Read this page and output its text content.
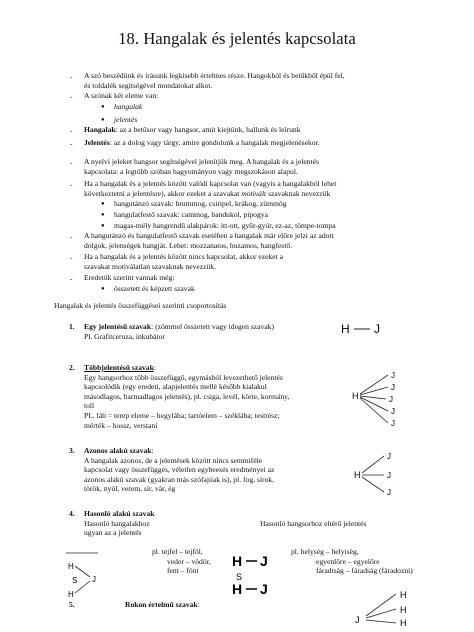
18. Hangalak és jelentés kapcsolata
- A szó beszédünk és írásunk legkisebb értelmes része. Hangokból és betűkből épül fel,
és toldalék segítségével mondatokat alkot.
- A szónak két eleme van:
● hangalak
● jelentés
- Hangalak: az a betűsor vagy hangsor, amit kiejtünk, hallunk és leírunk
- Jelentés: az a dolog vagy tárgy, amire gondolunk a hangalak megjelenésekor.
- A nyelvi jeleket hangsor segítségével jelenítjük meg. A hangalak és a jelentés
kapcsolata: a legtöbb szóban hagyományon vagy megszokáson alapul.
- Ha a hangalak és a jelentés között valódi kapcsolat van (vagyis a hangalakból lehet
következtetni a jelentésre), akkor ezeket a szavakat motivált szavaknak nevezzük
● hangutánzó szavak: brummog, csiripel, krákog, zümmög
● hangulatfestő szavak: cammog, bandukol, pipogya
● magas-mély hangrendű alakpárok: itt-ott, gyűr-gyúr, ez-az, tömpe-tompa
- A hangutánzó és hangulatfestő szavak esetében a hangalak már előre jelzi az adott
dolgok, jelenségek hangját. Lehet: mozzanatos, huzamos, hangfestő.
- Ha a hangalak és a jelentés között nincs kapcsolat, akkor ezeket a
szavakat motiválatlan szavaknak nevezzük.
- Eredetük szerint vannak még:
● összetett és képzett szavak
Hangalak és jelentés összefüggései szerinti csoportosítás
1. Egy jelentésű szavak: (zömmel összetett vagy idegen szavak)
Pl. Grafitceruza, inkubátor
H J
2. Többjelentésű szavak:
Egy hangsorhoz több összefüggő, egymásból levezethető jelentés
kapcsolódik (egy eredeti, alapjelentés mellé később kialakul
másodlagos, harmadlagos jelentés), pl. csiga, levél, körte, kormány,
toll
PL. láb = terep eleme – hegylába; tartóelem – széklába; testrész;
mérték – hossz, verstani
H
J
J
J
J
J
3. Azonos alakú szavak:
A hangalak azonos, de a jelentések között nincs semmiféle
kapcsolat vagy összefüggés, véletlen egybeesés eredményei az
azonos alakú szavak (gyakran más szófajúak is), pl. fog, sírok,
török, nyúl, verem, sír, vár, ég
H
J
J
J
4. Hasonló alakú szavak
Hasonló hangalakhoz
ugyan az a jelentés
Hasonló hangsorhoz eltérő jelentés
H
S
H
J
pl. tejfel – tejföl,
veder – vödör,
fent – fönt
H J
S
H J
pl. helység – helyiség,
egyenlőre – egyelőre
fáradtság – fáradság (fáradozni)
5.	Rokon értelmű szavak:
H
H
H
J
